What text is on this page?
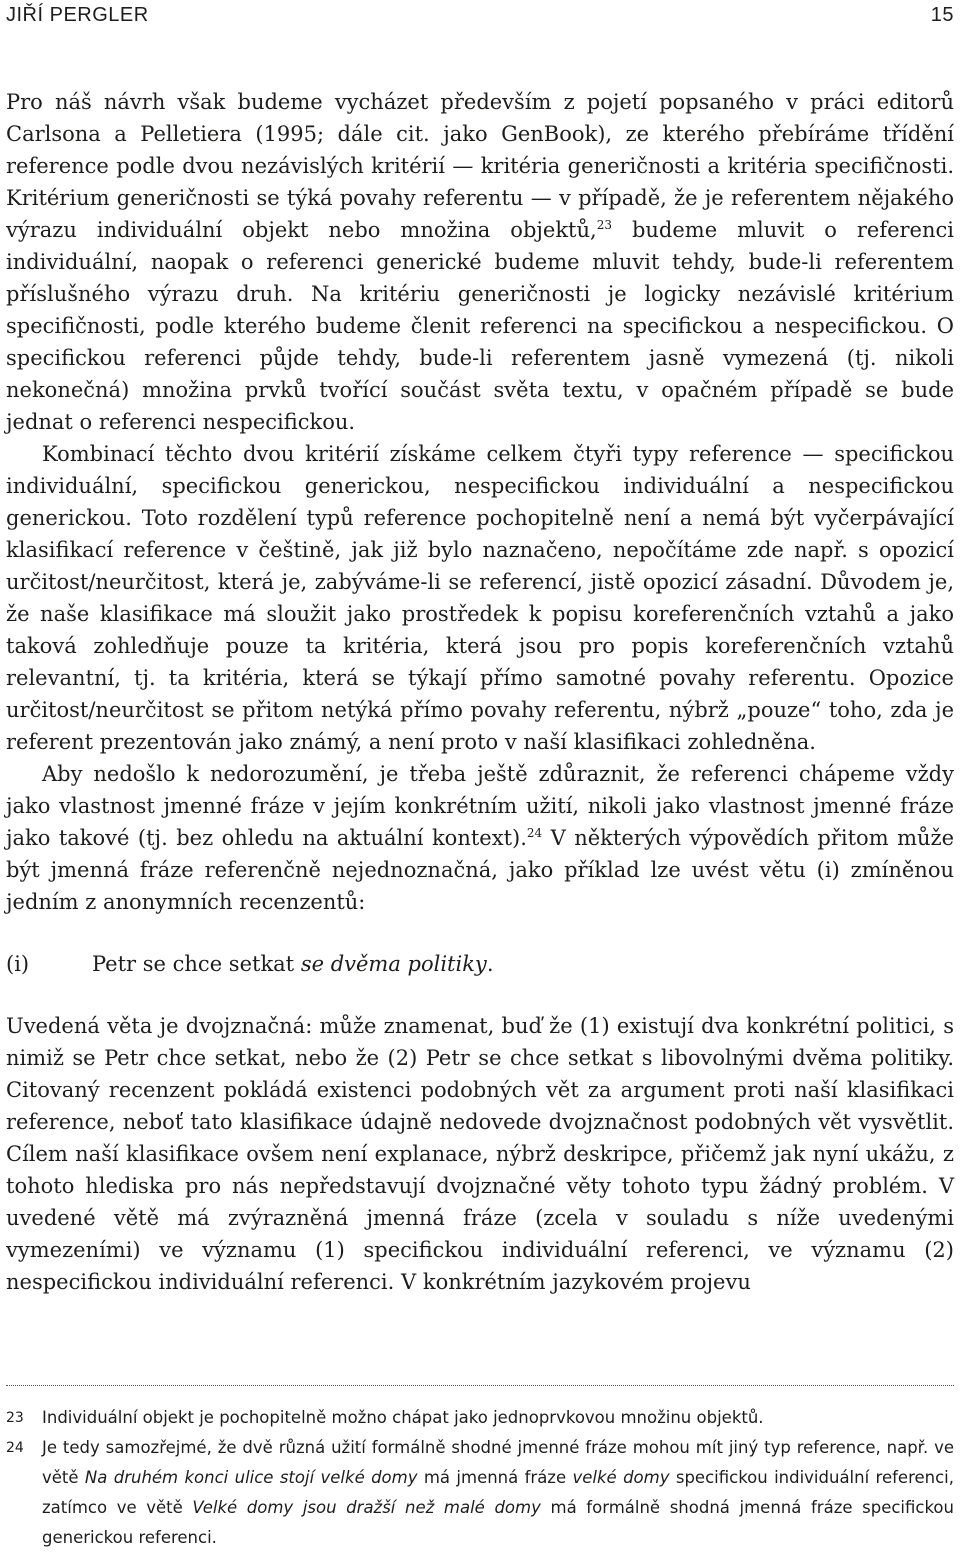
JIŘÍ PERGLER	15

Pro náš návrh však budeme vycházet především z pojetí popsaného v práci editorů Carlsona a Pelletiera (1995; dále cit. jako GenBook), ze kterého přebíráme třídění reference podle dvou nezávislých kritérií — kritéria generičnosti a kritéria specifičnosti. Kritérium generičnosti se týká povahy referentu — v případě, že je referentem nějakého výrazu individuální objekt nebo množina objektů,$^{23}$ budeme mluvit o referenci individuální, naopak o referenci generické budeme mluvit tehdy, bude-li referentem příslušného výrazu druh. Na kritériu generičnosti je logicky nezávislé kritérium specifičnosti, podle kterého budeme členit referenci na specifickou a nespecifickou. O specifickou referenci půjde tehdy, bude-li referentem jasně vymezená (tj. nikoli nekonečná) množina prvků tvořící součást světa textu, v opačném případě se bude jednat o referenci nespecifickou.

Kombinací těchto dvou kritérií získáme celkem čtyři typy reference — specifickou individuální, specifickou generickou, nespecifickou individuální a nespecifickou generickou. Toto rozdělení typů reference pochopitelně není a nemá být vyčerpávající klasifikací reference v češtině, jak již bylo naznačeno, nepočítáme zde např. s opozicí určitost/neurčitost, která je, zabýváme-li se referencí, jistě opozicí zásadní. Důvodem je, že naše klasifikace má sloužit jako prostředek k popisu koreferenčních vztahů a jako taková zohledňuje pouze ta kritéria, která jsou pro popis koreferenčních vztahů relevantní, tj. ta kritéria, která se týkají přímo samotné povahy referentu. Opozice určitost/neurčitost se přitom netýká přímo povahy referentu, nýbrž „pouze“ toho, zda je referent prezentován jako známý, a není proto v naší klasifikaci zohledněna.

Aby nedošlo k nedorozumění, je třeba ještě zdůraznit, že referenci chápeme vždy jako vlastnost jmenné fráze v jejím konkrétním užití, nikoli jako vlastnost jmenné fráze jako takové (tj. bez ohledu na aktuální kontext).$^{24}$ V některých výpovědích přitom může být jmenná fráze referenčně nejednoznačná, jako příklad lze uvést větu (i) zmíněnou jedním z anonymních recenzentů:

(i)	Petr se chce setkat se dvěma politiky.

Uvedená věta je dvojznačná: může znamenat, buď že (1) existují dva konkrétní politici, s nimiž se Petr chce setkat, nebo že (2) Petr se chce setkat s libovolnými dvěma politiky. Citovaný recenzent pokládá existenci podobných vět za argument proti naší klasifikaci reference, neboť tato klasifikace údajně nedovede dvojznačnost podobných vět vysvětlit. Cílem naší klasifikace ovšem není explanace, nýbrž deskripce, přičemž jak nyní ukážu, z tohoto hlediska pro nás nepředstavují dvojznačné věty tohoto typu žádný problém. V uvedené větě má zvýrazněná jmenná fráze (zcela v souladu s níže uvedenými vymezeními) ve významu (1) specifickou individuální referenci, ve významu (2) nespecifickou individuální referenci. V konkrétním jazykovém projevu

23	Individuální objekt je pochopitelně možno chápat jako jednoprvkovou množinu objektů.
24	Je tedy samozřejmé, že dvě různá užití formálně shodné jmenné fráze mohou mít jiný typ reference, např. ve větě Na druhém konci ulice stojí velké domy má jmenná fráze velké domy specifickou individuální referenci, zatímco ve větě Velké domy jsou dražší než malé domy má formálně shodná jmenná fráze specifickou generickou referenci.
